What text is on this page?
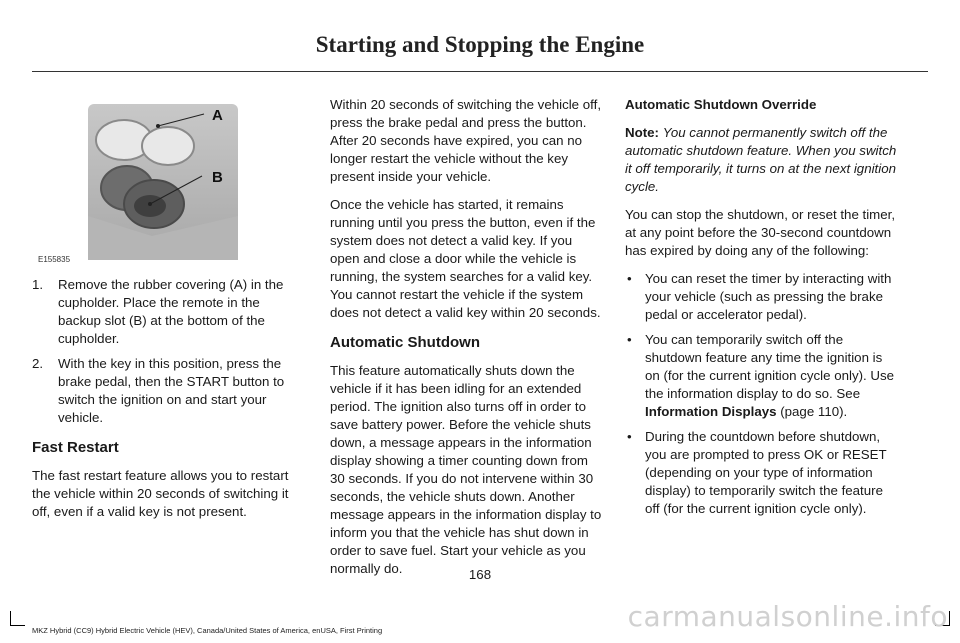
Starting and Stopping the Engine
A
B
E155835
1. Remove the rubber covering (A) in the cupholder. Place the remote in the backup slot (B) at the bottom of the cupholder.
2. With the key in this position, press the brake pedal, then the START button to switch the ignition on and start your vehicle.
Fast Restart

The fast restart feature allows you to restart the vehicle within 20 seconds of switching it off, even if a valid key is not present.

Within 20 seconds of switching the vehicle off, press the brake pedal and press the button. After 20 seconds have expired, you can no longer restart the vehicle without the key present inside your vehicle.

Once the vehicle has started, it remains running until you press the button, even if the system does not detect a valid key. If you open and close a door while the vehicle is running, the system searches for a valid key. You cannot restart the vehicle if the system does not detect a valid key within 20 seconds.

Automatic Shutdown

This feature automatically shuts down the vehicle if it has been idling for an extended period. The ignition also turns off in order to save battery power. Before the vehicle shuts down, a message appears in the information display showing a timer counting down from 30 seconds. If you do not intervene within 30 seconds, the vehicle shuts down. Another message appears in the information display to inform you that the vehicle has shut down in order to save fuel. Start your vehicle as you normally do.

Automatic Shutdown Override

Note: You cannot permanently switch off the automatic shutdown feature. When you switch it off temporarily, it turns on at the next ignition cycle.

You can stop the shutdown, or reset the timer, at any point before the 30-second countdown has expired by doing any of the following:

• You can reset the timer by interacting with your vehicle (such as pressing the brake pedal or accelerator pedal).
• You can temporarily switch off the shutdown feature any time the ignition is on (for the current ignition cycle only). Use the information display to do so. See Information Displays (page 110).
• During the countdown before shutdown, you are prompted to press OK or RESET (depending on your type of information display) to temporarily switch the feature off (for the current ignition cycle only).
168
MKZ Hybrid (CC9) Hybrid Electric Vehicle (HEV), Canada/United States of America, enUSA, First Printing	carmanualsonline.info
